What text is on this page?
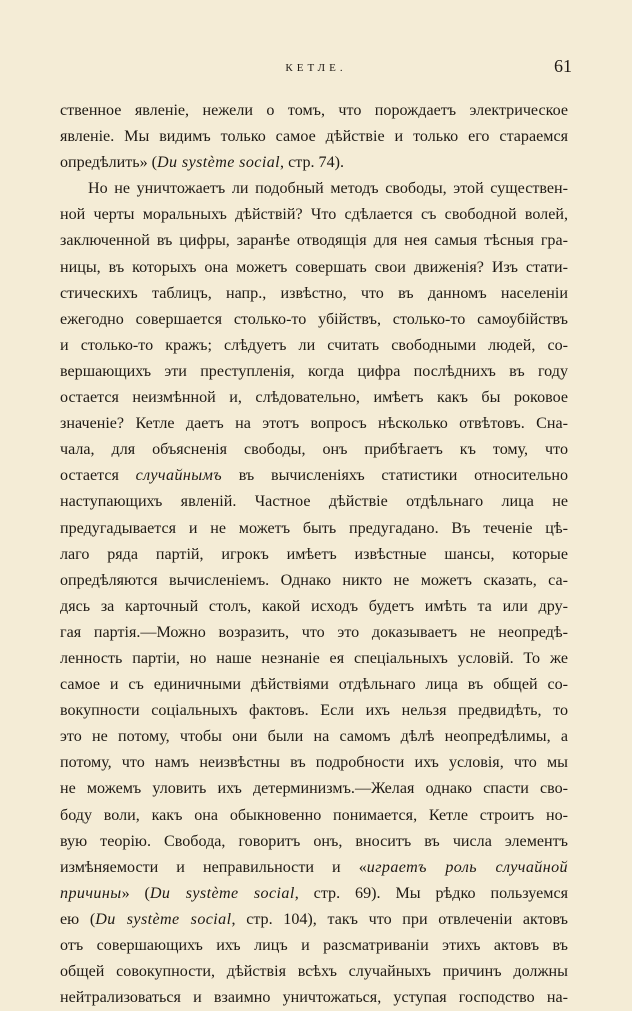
КЕТЛЕ.	61
ственное явленіе, нежели о томъ, что порождаетъ электрическое
явленіе. Мы видимъ только самое дѣйствіе и только его стараемся
опредѣлить» (Du système social, стр. 74).
Но не уничтожаетъ ли подобный методъ свободы, этой существен-
ной черты моральныхъ дѣйствій? Что сдѣлается съ свободной волей,
заключенной въ цифры, заранѣе отводящія для нея самыя тѣсныя гра-
ницы, въ которыхъ она можетъ совершать свои движенія? Изъ стати-
стическихъ таблицъ, напр., извѣстно, что въ данномъ населеніи
ежегодно совершается столько-то убійствъ, столько-то самоубійствъ
и столько-то кражъ; слѣдуетъ ли считать свободными людей, со-
вершающихъ эти преступленія, когда цифра послѣднихъ въ году
остается неизмѣнной и, слѣдовательно, имѣетъ какъ бы роковое
значеніе? Кетле даетъ на этотъ вопросъ нѣсколько отвѣтовъ. Сна-
чала, для объясненія свободы, онъ прибѣгаетъ къ тому, что
остается случайнымъ въ вычисленіяхъ статистики относительно
наступающихъ явленій. Частное дѣйствіе отдѣльнаго лица не
предугадывается и не можетъ быть предугадано. Въ теченіе цѣ-
лаго ряда партій, игрокъ имѣетъ извѣстные шансы, которые
опредѣляются вычисленіемъ. Однако никто не можетъ сказать, са-
дясь за карточный столъ, какой исходъ будетъ имѣть та или дру-
гая партія.—Можно возразить, что это доказываетъ не неопредѣ-
ленность партіи, но наше незнаніе ея спеціальныхъ условій. То же
самое и съ единичными дѣйствіями отдѣльнаго лица въ общей со-
вокупности соціальныхъ фактовъ. Если ихъ нельзя предвидѣть, то
это не потому, чтобы они были на самомъ дѣлѣ неопредѣлимы, а
потому, что намъ неизвѣстны въ подробности ихъ условія, что мы
не можемъ уловить ихъ детерминизмъ.—Желая однако спасти сво-
боду воли, какъ она обыкновенно понимается, Кетле строитъ но-
вую теорію. Свобода, говоритъ онъ, вноситъ въ числа элементъ
измѣняемости и неправильности и «играетъ роль случайной
причины» (Du système social, стр. 69). Мы рѣдко пользуемся
ею (Du système social, стр. 104), такъ что при отвлеченіи актовъ
отъ совершающихъ ихъ лицъ и разсматриваніи этихъ актовъ въ
общей совокупности, дѣйствія всѣхъ случайныхъ причинъ должны
нейтрализоваться и взаимно уничтожаться, уступая господство на-
